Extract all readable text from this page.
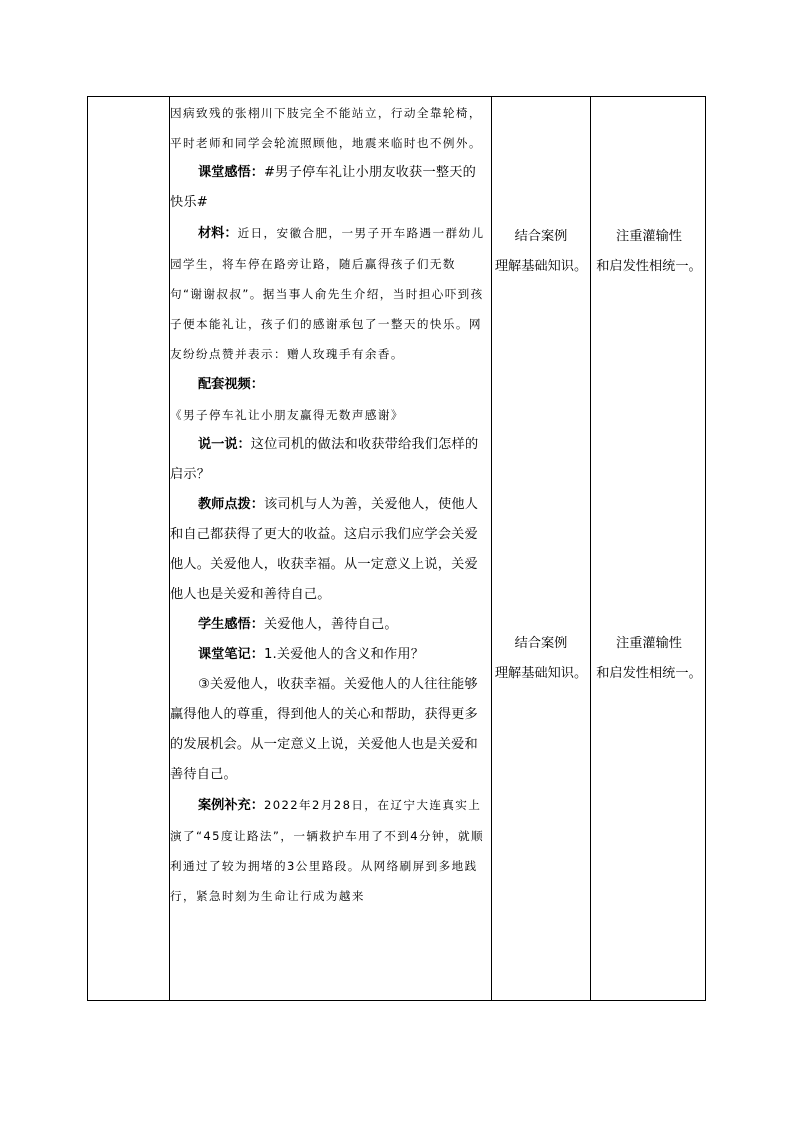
因病致残的张栩川下肢完全不能站立，行动全靠轮椅，平时老师和同学会轮流照顾他，地震来临时也不例外。

课堂感悟：#男子停车礼让小朋友收获一整天的快乐#

材料：近日，安徽合肥，一男子开车路遇一群幼儿园学生，将车停在路旁让路，随后赢得孩子们无数句“谢谢叔叔”。据当事人俞先生介绍，当时担心吓到孩子便本能礼让，孩子们的感谢承包了一整天的快乐。网友纷纷点赞并表示：赠人玫瑰手有余香。

配套视频：《男子停车礼让小朋友赢得无数声感谢》

说一说：这位司机的做法和收获带给我们怎样的启示？

教师点拨：该司机与人为善，关爱他人，使他人和自己都获得了更大的收益。这启示我们应学会关爱他人。关爱他人，收获幸福。从一定意义上说，关爱他人也是关爱和善待自己。

学生感悟：关爱他人，善待自己。

课堂笔记：1.关爱他人的含义和作用？

③关爱他人，收获幸福。关爱他人的人往往能够赢得他人的尊重，得到他人的关心和帮助，获得更多的发展机会。从一定意义上说，关爱他人也是关爱和善待自己。

案例补充：2022年2月28日，在辽宁大连真实上演了“45度让路法”，一辆救护车用了不到4分钟，就顺利通过了较为拥堵的3公里路段。从网络刷屏到多地践行，紧急时刻为生命让行成为越来

结合案例
理解基础知识。
注重灌输性
和启发性相统一。
结合案例
理解基础知识。
注重灌输性
和启发性相统一。
